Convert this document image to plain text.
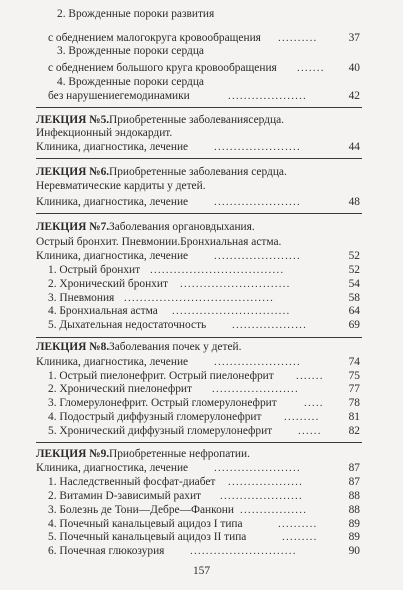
2. Врожденные пороки развития
с обеднением малогокруга кровообращения ..........	37
3. Врожденные пороки сердца
с обеднением большого круга кровообращения .......	40
4. Врожденные пороки сердца
без нарушениегемодинамики	....................	42
ЛЕКЦИЯ №5. Приобретенные заболеваниясердца.
Инфекционный эндокардит.
Клиника, диагностика, лечение ......................	44
ЛЕКЦИЯ №6. Приобретенные заболевания сердца.
Неревматические кардиты у детей.
Клиника, диагностика, лечение ......................	48
ЛЕКЦИЯ №7. Заболевания органовдыхания.
Острый бронхит. Пневмонии.Бронхиальная астма.
Клиника, диагностика, лечение ......................	52
1. Острый бронхит ..................................	52
2. Хронический бронхит ............................	54
3. Пневмония ......................................	58
4. Бронхиальная астма ..............................	64
5. Дыхательная недостаточность ...................	69
ЛЕКЦИЯ №8. Заболевания почек у детей.
Клиника, диагностика, лечение ......................	74
1. Острый пиелонефрит. Острый пиелонефрит .......	75
2. Хронический пиелонефрит ......................	77
3. Гломерулонефрит. Острый гломерулонефрит .....	78
4. Подострый диффузный гломерулонефрит .........	81
5. Хронический диффузный гломерулонефрит ......	82
ЛЕКЦИЯ №9. Приобретенные нефропатии.
Клиника, диагностика, лечение ......................	87
1. Наследственный фосфат-диабет ...................	87
2. Витамин D-зависимый рахит .....................	88
3. Болезнь де Тони—Дебре—Фанкони .................	88
4. Почечный канальцевый ацидоз I типа	..........	89
5. Почечный канальцевый ацидоз II типа	.........	89
6. Почечная глюкозурия ...........................	90
157
